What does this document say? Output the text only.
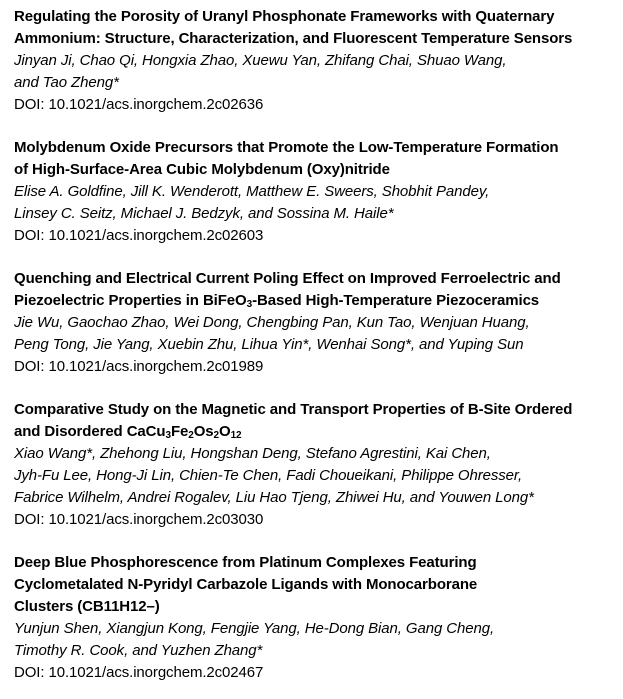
Regulating the Porosity of Uranyl Phosphonate Frameworks with Quaternary
Ammonium: Structure, Characterization, and Fluorescent Temperature Sensors
Jinyan Ji, Chao Qi, Hongxia Zhao, Xuewu Yan, Zhifang Chai, Shuao Wang,
and Tao Zheng*
DOI: 10.1021/acs.inorgchem.2c02636
Molybdenum Oxide Precursors that Promote the Low-Temperature Formation
of High-Surface-Area Cubic Molybdenum (Oxy)nitride
Elise A. Goldfine, Jill K. Wenderott, Matthew E. Sweers, Shobhit Pandey,
Linsey C. Seitz, Michael J. Bedzyk, and Sossina M. Haile*
DOI: 10.1021/acs.inorgchem.2c02603
Quenching and Electrical Current Poling Effect on Improved Ferroelectric and
Piezoelectric Properties in BiFeO$_3$-Based High-Temperature Piezoceramics
Jie Wu, Gaochao Zhao, Wei Dong, Chengbing Pan, Kun Tao, Wenjuan Huang,
Peng Tong, Jie Yang, Xuebin Zhu, Lihua Yin*, Wenhai Song*, and Yuping Sun
DOI: 10.1021/acs.inorgchem.2c01989
Comparative Study on the Magnetic and Transport Properties of B-Site Ordered
and Disordered $CaCu_3Fe_2Os_2O_{12}$
Xiao Wang*, Zhehong Liu, Hongshan Deng, Stefano Agrestini, Kai Chen,
Jyh-Fu Lee, Hong-Ji Lin, Chien-Te Chen, Fadi Choueikani, Philippe Ohresser,
Fabrice Wilhelm, Andrei Rogalev, Liu Hao Tjeng, Zhiwei Hu, and Youwen Long*
DOI: 10.1021/acs.inorgchem.2c03030
Deep Blue Phosphorescence from Platinum Complexes Featuring
Cyclometalated N-Pyridyl Carbazole Ligands with Monocarborane
Clusters (CB11H12–)
Yunjun Shen, Xiangjun Kong, Fengjie Yang, He-Dong Bian, Gang Cheng,
Timothy R. Cook, and Yuzhen Zhang*
DOI: 10.1021/acs.inorgchem.2c02467
